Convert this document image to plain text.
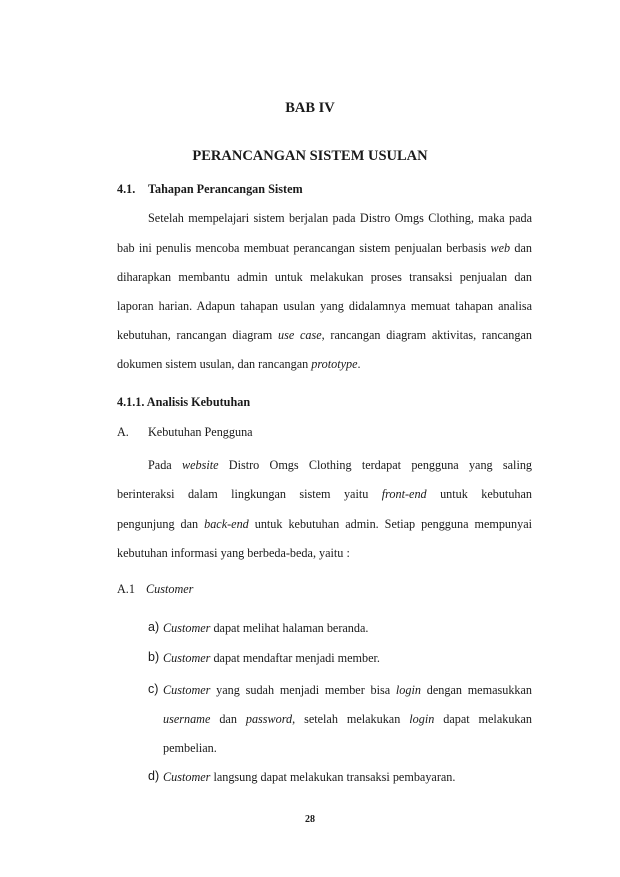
BAB IV
PERANCANGAN SISTEM USULAN
4.1. Tahapan Perancangan Sistem
Setelah mempelajari sistem berjalan pada Distro Omgs Clothing, maka pada
bab ini penulis mencoba membuat perancangan sistem penjualan berbasis web dan
diharapkan membantu admin untuk melakukan proses transaksi penjualan dan
laporan harian. Adapun tahapan usulan yang didalamnya memuat tahapan analisa
kebutuhan, rancangan diagram use case, rancangan diagram aktivitas, rancangan
dokumen sistem usulan, dan rancangan prototype.
4.1.1. Analisis Kebutuhan
A. Kebutuhan Pengguna
Pada website Distro Omgs Clothing terdapat pengguna yang saling
berinteraksi dalam lingkungan sistem yaitu front-end untuk kebutuhan
pengunjung dan back-end untuk kebutuhan admin. Setiap pengguna mempunyai
kebutuhan informasi yang berbeda-beda, yaitu :
A.1 Customer
a) Customer dapat melihat halaman beranda.
b) Customer dapat mendaftar menjadi member.
c) Customer yang sudah menjadi member bisa login dengan memasukkan
username dan password, setelah melakukan login dapat melakukan
pembelian.
d) Customer langsung dapat melakukan transaksi pembayaran.
28
